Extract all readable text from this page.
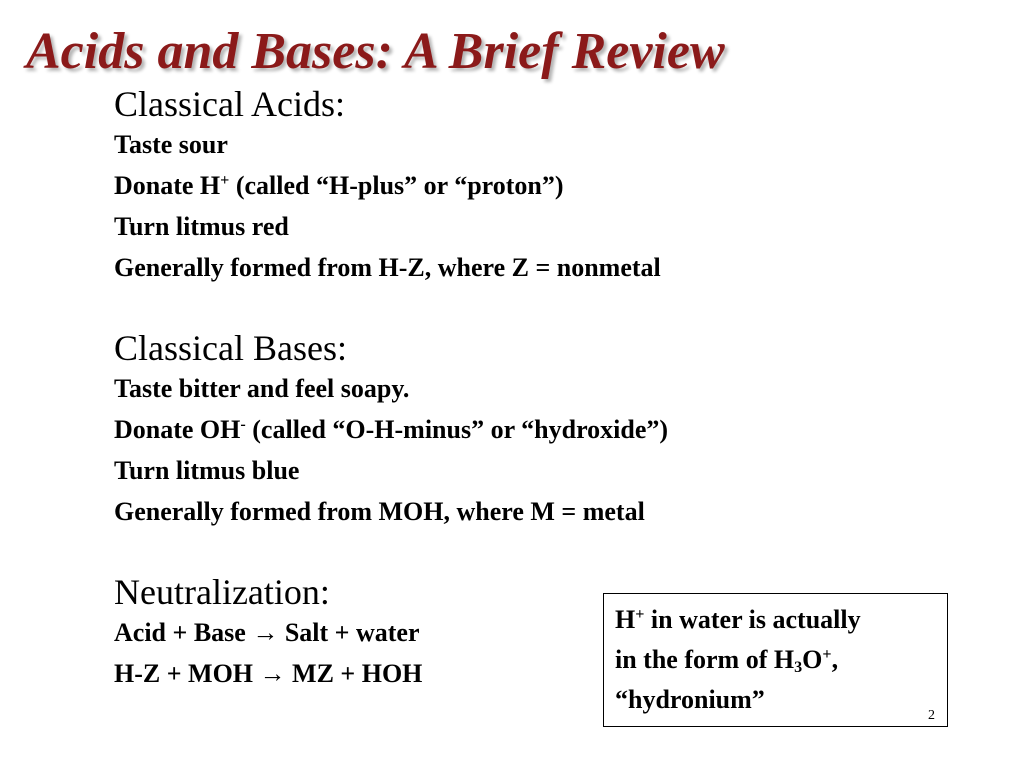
Acids and Bases: A Brief Review
Classical Acids:
Taste sour
Donate H+ (called “H-plus” or “proton”)
Turn litmus red
Generally formed from H-Z, where Z = nonmetal
Classical Bases:
Taste bitter and feel soapy.
Donate OH- (called “O-H-minus” or “hydroxide”)
Turn litmus blue
Generally formed from MOH, where M = metal
Neutralization:
Acid + Base → Salt + water
H-Z + MOH → MZ + HOH
H+ in water is actually
in the form of $H_3O^+$,
“hydronium”
2
